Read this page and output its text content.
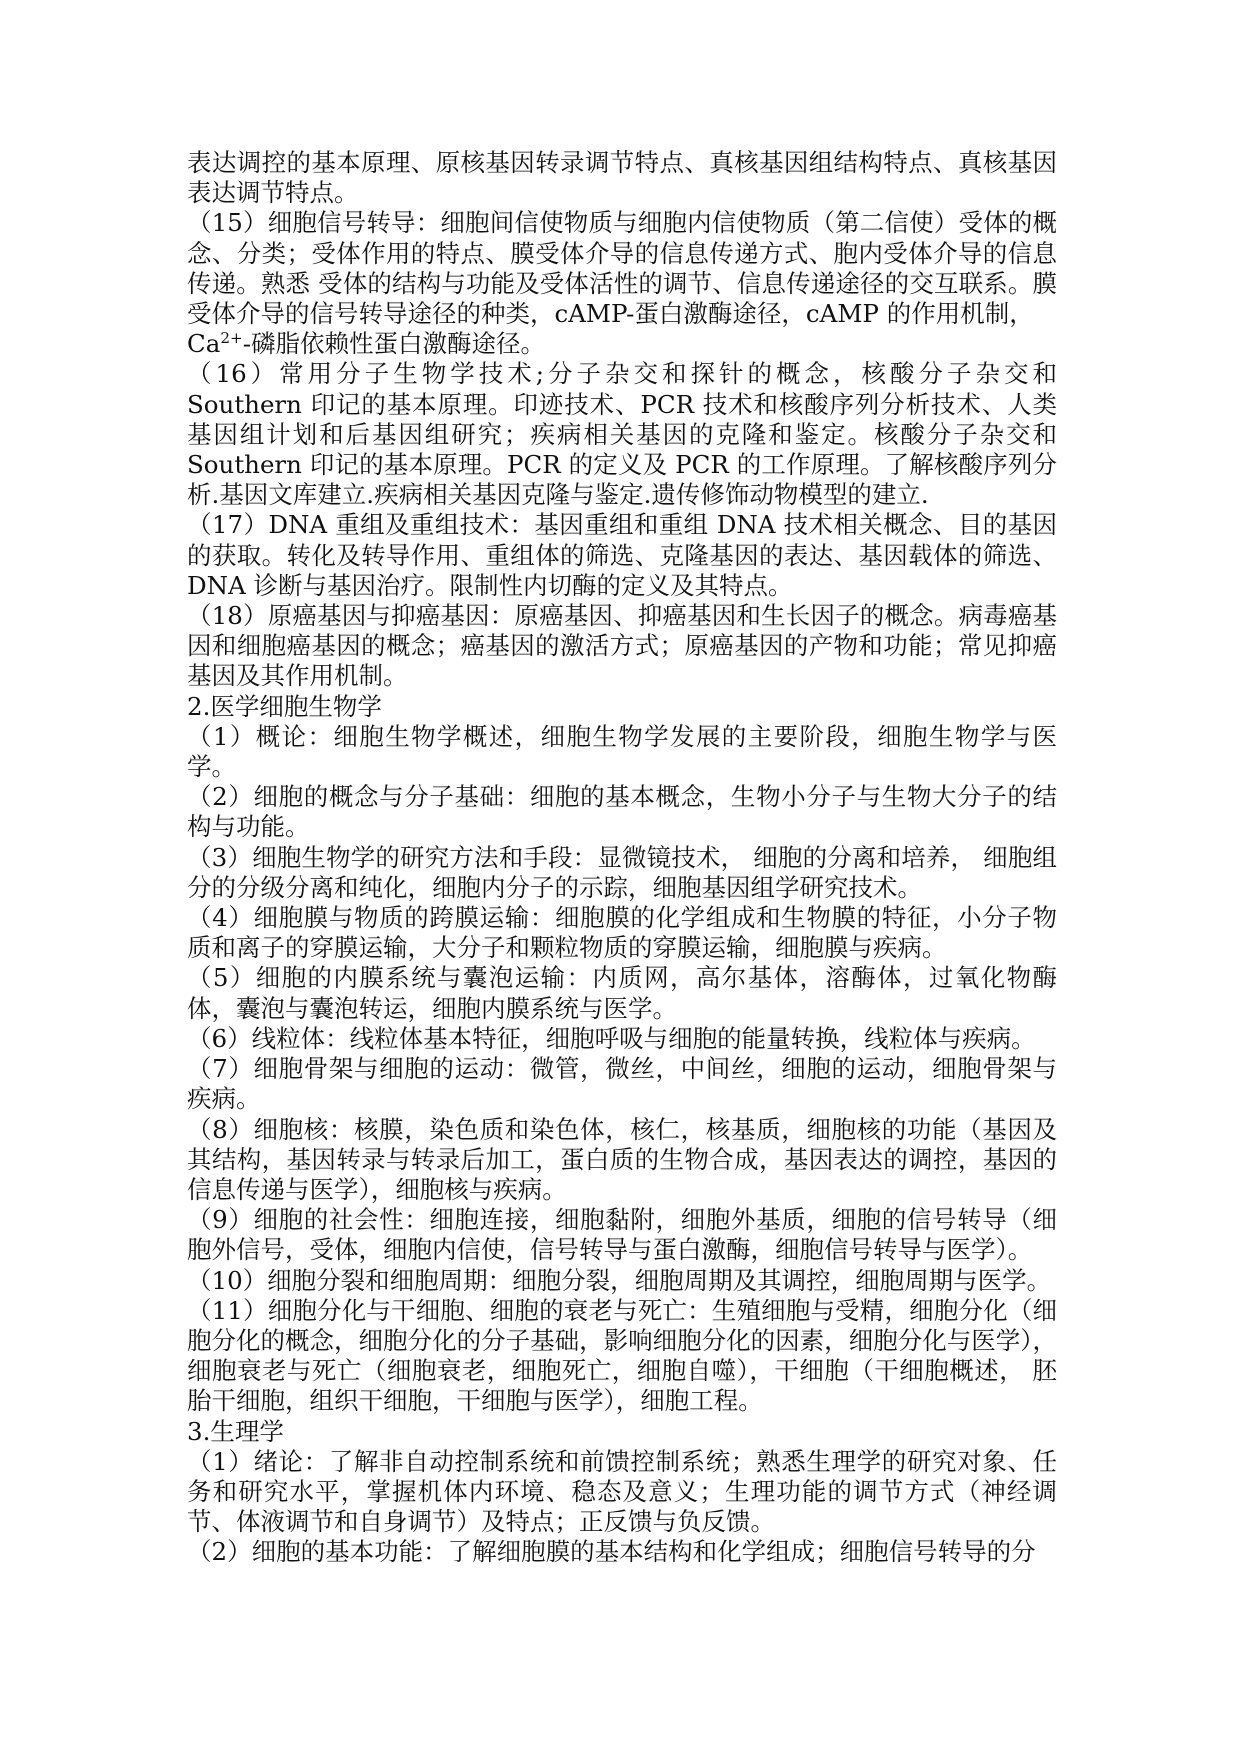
表达调控的基本原理、原核基因转录调节特点、真核基因组结构特点、真核基因表达调节特点。

（15）细胞信号转导：细胞间信使物质与细胞内信使物质（第二信使）受体的概念、分类；受体作用的特点、膜受体介导的信息传递方式、胞内受体介导的信息传递。熟悉 受体的结构与功能及受体活性的调节、信息传递途径的交互联系。膜受体介导的信号转导途径的种类，cAMP-蛋白激酶途径，cAMP 的作用机制，

$Ca^{2+}-$磷脂依赖性蛋白激酶途径。

（16）常用分子生物学技术;分子杂交和探针的概念，核酸分子杂交和 Southern 印记的基本原理。印迹技术、PCR 技术和核酸序列分析技术、人类基因组计划和后基因组研究；疾病相关基因的克隆和鉴定。核酸分子杂交和 Southern 印记的基本原理。PCR 的定义及 PCR 的工作原理。了解核酸序列分析.基因文库建立.疾病相关基因克隆与鉴定.遗传修饰动物模型的建立.

（17）DNA 重组及重组技术：基因重组和重组 DNA 技术相关概念、目的基因的获取。转化及转导作用、重组体的筛选、克隆基因的表达、基因载体的筛选、DNA 诊断与基因治疗。限制性内切酶的定义及其特点。

（18）原癌基因与抑癌基因：原癌基因、抑癌基因和生长因子的概念。病毒癌基因和细胞癌基因的概念；癌基因的激活方式；原癌基因的产物和功能；常见抑癌基因及其作用机制。

2.医学细胞生物学

（1）概论：细胞生物学概述，细胞生物学发展的主要阶段，细胞生物学与医学。

（2）细胞的概念与分子基础：细胞的基本概念，生物小分子与生物大分子的结构与功能。

（3）细胞生物学的研究方法和手段：显微镜技术， 细胞的分离和培养， 细胞组分的分级分离和纯化，细胞内分子的示踪，细胞基因组学研究技术。

（4）细胞膜与物质的跨膜运输：细胞膜的化学组成和生物膜的特征，小分子物质和离子的穿膜运输，大分子和颗粒物质的穿膜运输，细胞膜与疾病。

（5）细胞的内膜系统与囊泡运输：内质网，高尔基体，溶酶体，过氧化物酶体，囊泡与囊泡转运，细胞内膜系统与医学。

（6）线粒体：线粒体基本特征，细胞呼吸与细胞的能量转换，线粒体与疾病。

（7）细胞骨架与细胞的运动：微管，微丝，中间丝，细胞的运动，细胞骨架与疾病。

（8）细胞核：核膜，染色质和染色体，核仁，核基质，细胞核的功能（基因及其结构，基因转录与转录后加工，蛋白质的生物合成，基因表达的调控，基因的信息传递与医学），细胞核与疾病。

（9）细胞的社会性：细胞连接，细胞黏附，细胞外基质，细胞的信号转导（细胞外信号，受体，细胞内信使，信号转导与蛋白激酶，细胞信号转导与医学）。

（10）细胞分裂和细胞周期：细胞分裂，细胞周期及其调控，细胞周期与医学。

（11）细胞分化与干细胞、细胞的衰老与死亡：生殖细胞与受精，细胞分化（细胞分化的概念，细胞分化的分子基础，影响细胞分化的因素，细胞分化与医学），细胞衰老与死亡（细胞衰老，细胞死亡，细胞自噬），干细胞（干细胞概述， 胚胎干细胞，组织干细胞，干细胞与医学），细胞工程。

3.生理学

（1）绪论：了解非自动控制系统和前馈控制系统；熟悉生理学的研究对象、任务和研究水平，掌握机体内环境、稳态及意义；生理功能的调节方式（神经调节、体液调节和自身调节）及特点；正反馈与负反馈。

（2）细胞的基本功能：了解细胞膜的基本结构和化学组成；细胞信号转导的分
